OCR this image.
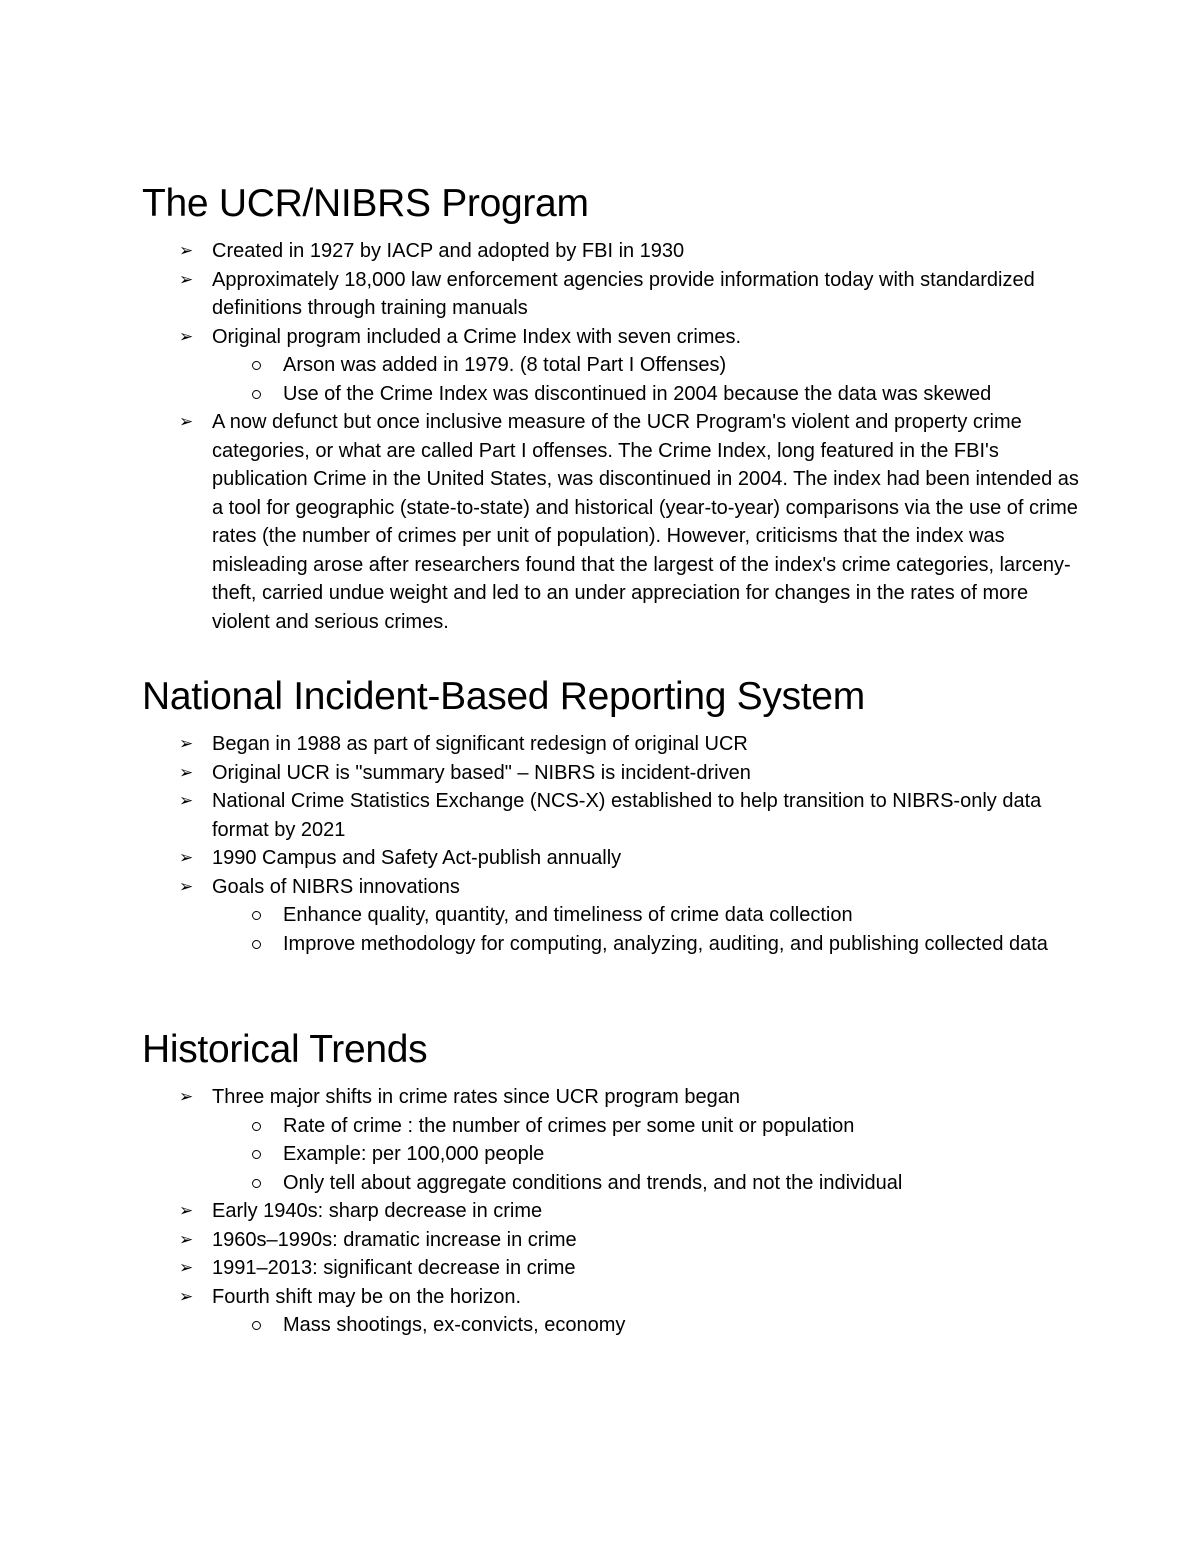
The UCR/NIBRS Program
➢ Created in 1927 by IACP and adopted by FBI in 1930
➢ Approximately 18,000 law enforcement agencies provide information today with standardized definitions through training manuals
➢ Original program included a Crime Index with seven crimes.
Arson was added in 1979. (8 total Part I Offenses)
Use of the Crime Index was discontinued in 2004 because the data was skewed
➢ A now defunct but once inclusive measure of the UCR Program's violent and property crime categories, or what are called Part I offenses. The Crime Index, long featured in the FBI's publication Crime in the United States, was discontinued in 2004. The index had been intended as a tool for geographic (state-to-state) and historical (year-to-year) comparisons via the use of crime rates (the number of crimes per unit of population). However, criticisms that the index was misleading arose after researchers found that the largest of the index's crime categories, larceny-theft, carried undue weight and led to an under appreciation for changes in the rates of more violent and serious crimes.
National Incident-Based Reporting System
➢ Began in 1988 as part of significant redesign of original UCR
➢ Original UCR is "summary based" – NIBRS is incident-driven
➢ National Crime Statistics Exchange (NCS-X) established to help transition to NIBRS-only data format by 2021
➢ 1990 Campus and Safety Act-publish annually
➢ Goals of NIBRS innovations
Enhance quality, quantity, and timeliness of crime data collection
Improve methodology for computing, analyzing, auditing, and publishing collected data
Historical Trends
➢ Three major shifts in crime rates since UCR program began
Rate of crime : the number of crimes per some unit or population
Example: per 100,000 people
Only tell about aggregate conditions and trends, and not the individual
➢ Early 1940s: sharp decrease in crime
➢ 1960s–1990s: dramatic increase in crime
➢ 1991–2013: significant decrease in crime
➢ Fourth shift may be on the horizon.
Mass shootings, ex-convicts, economy
